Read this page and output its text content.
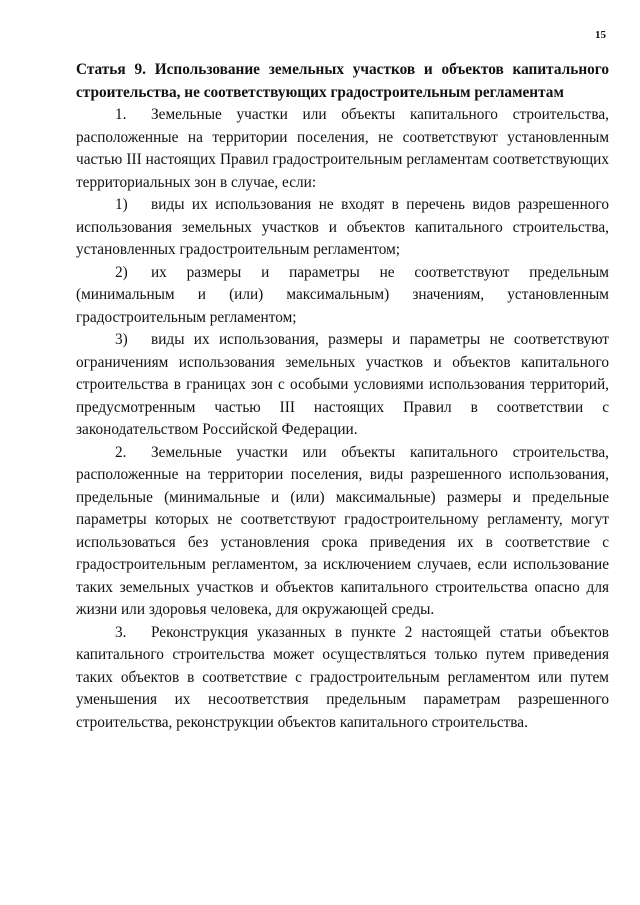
15
Статья 9. Использование земельных участков и объектов капитального
строительства, не соответствующих градостроительным регламентам

1. Земельные участки или объекты капитального строительства, расположенные на территории поселения, не соответствуют установленным частью III настоящих Правил градостроительным регламентам соответствующих территориальных зон в случае, если:

1) виды их использования не входят в перечень видов разрешенного использования земельных участков и объектов капитального строительства, установленных градостроительным регламентом;

2) их размеры и параметры не соответствуют предельным (минимальным и (или) максимальным) значениям, установленным градостроительным регламентом;

3) виды их использования, размеры и параметры не соответствуют ограничениям использования земельных участков и объектов капитального строительства в границах зон с особыми условиями использования территорий, предусмотренным частью III настоящих Правил в соответствии с законодательством Российской Федерации.

2. Земельные участки или объекты капитального строительства, расположенные на территории поселения, виды разрешенного использования, предельные (минимальные и (или) максимальные) размеры и предельные параметры которых не соответствуют градостроительному регламенту, могут использоваться без установления срока приведения их в соответствие с градостроительным регламентом, за исключением случаев, если использование таких земельных участков и объектов капитального строительства опасно для жизни или здоровья человека, для окружающей среды.

3. Реконструкция указанных в пункте 2 настоящей статьи объектов капитального строительства может осуществляться только путем приведения таких объектов в соответствие с градостроительным регламентом или путем уменьшения их несоответствия предельным параметрам разрешенного строительства, реконструкции объектов капитального строительства.
